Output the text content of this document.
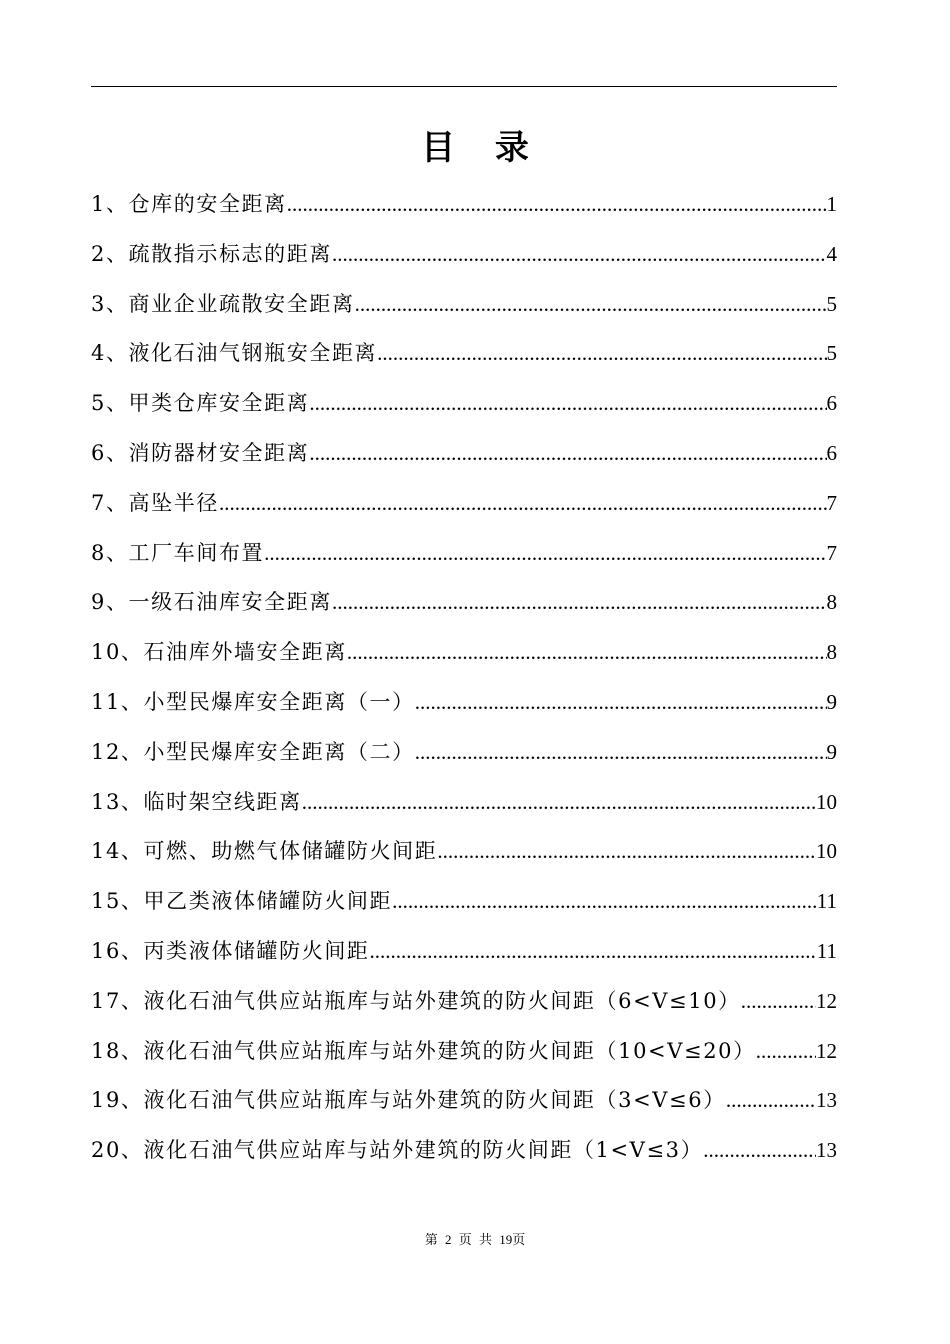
目 录
1、仓库的安全距离 .....	1
2、疏散指示标志的距离 .....	4
3、商业企业疏散安全距离 .....	5
4、液化石油气钢瓶安全距离 .....	5
5、甲类仓库安全距离 .....	6
6、消防器材安全距离 .....	6
7、高坠半径 .....	7
8、工厂车间布置 .....	7
9、一级石油库安全距离 .....	8
10、石油库外墙安全距离 .....	8
11、小型民爆库安全距离（一） .....	9
12、小型民爆库安全距离（二） .....	9
13、临时架空线距离 .....	10
14、可燃、助燃气体储罐防火间距 .....	10
15、甲乙类液体储罐防火间距 .....	11
16、丙类液体储罐防火间距 .....	11
17、液化石油气供应站瓶库与站外建筑的防火间距（6<V≤10） .....	12
18、液化石油气供应站瓶库与站外建筑的防火间距（10<V≤20） .....	12
19、液化石油气供应站瓶库与站外建筑的防火间距（3<V≤6） .....	13
20、液化石油气供应站库与站外建筑的防火间距（1<V≤3） .....	13
第 2 页 共 19页
